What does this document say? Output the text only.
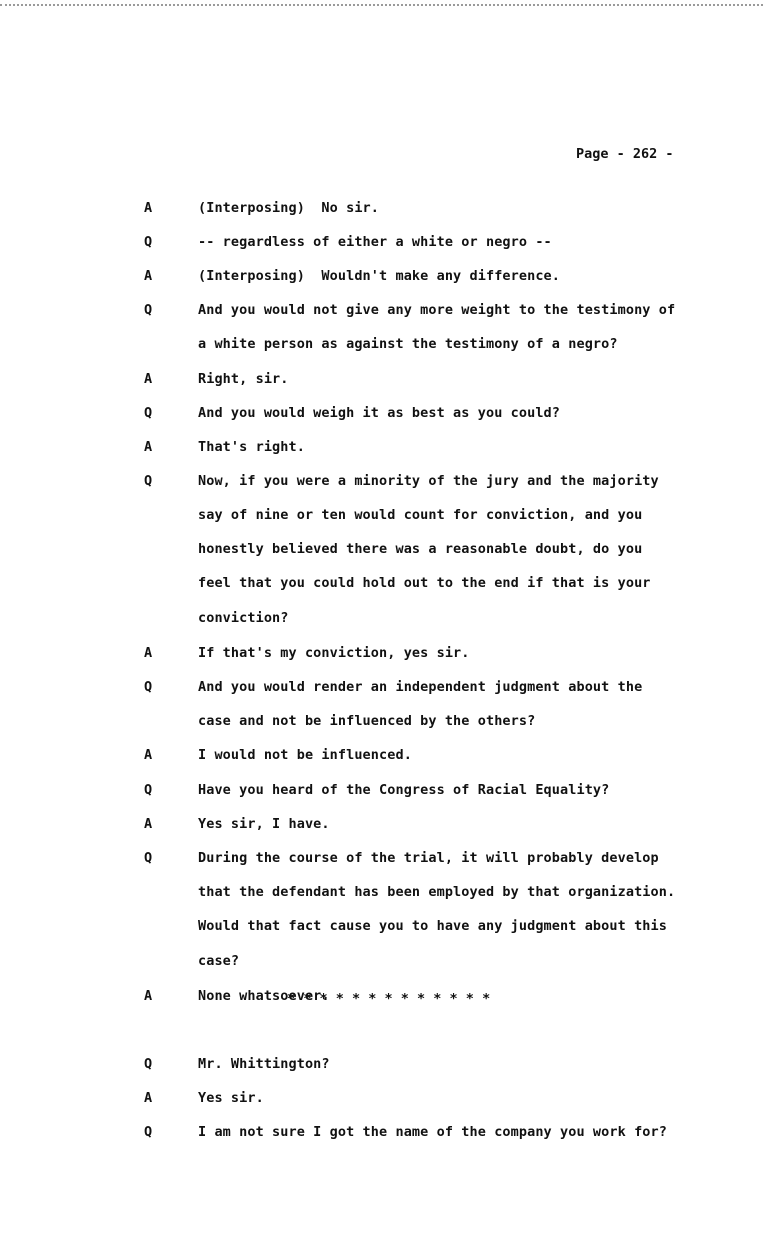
Page - 262 -
A	(Interposing)  No sir.
Q	-- regardless of either a white or negro --
A	(Interposing)  Wouldn't make any difference.
Q	And you would not give any more weight to the testimony of
a white person as against the testimony of a negro?
A	Right, sir.
Q	And you would weigh it as best as you could?
A	That's right.
Q	Now, if you were a minority of the jury and the majority
say of nine or ten would count for conviction, and you
honestly believed there was a reasonable doubt, do you
feel that you could hold out to the end if that is your
conviction?
A	If that's my conviction, yes sir.
Q	And you would render an independent judgment about the
case and not be influenced by the others?
A	I would not be influenced.
Q	Have you heard of the Congress of Racial Equality?
A	Yes sir, I have.
Q	During the course of the trial, it will probably develop
that the defendant has been employed by that organization.
Would that fact cause you to have any judgment about this
case?
A	None whatsoever.
Q	Mr. Whittington?
A	Yes sir.
Q	I am not sure I got the name of the company you work for?
* * * * * * * * * * * * *
